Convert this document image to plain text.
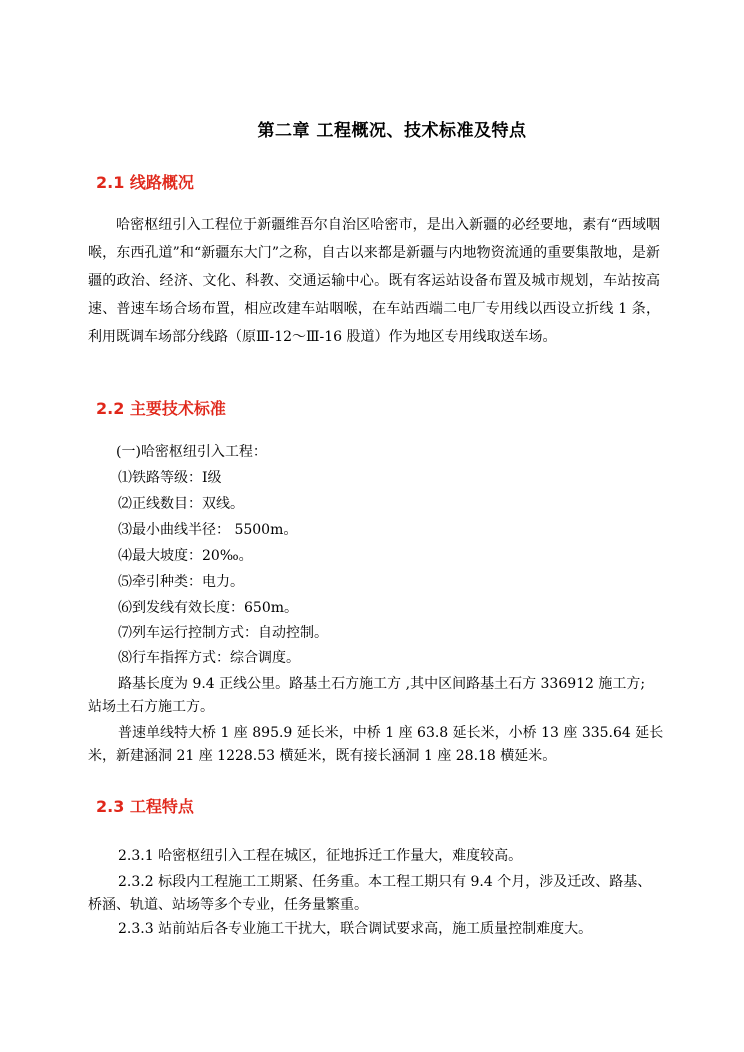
第二章 工程概况、技术标准及特点
2.1 线路概况

哈密枢纽引入工程位于新疆维吾尔自治区哈密市，是出入新疆的必经要地，素有“西域咽喉，东西孔道”和“新疆东大门”之称，自古以来都是新疆与内地物资流通的重要集散地，是新疆的政治、经济、文化、科教、交通运输中心。既有客运站设备布置及城市规划，车站按高速、普速车场合场布置，相应改建车站咽喉，在车站西端二电厂专用线以西设立折线 1 条，利用既调车场部分线路（原Ⅲ-12～Ⅲ-16 股道）作为地区专用线取送车场。

2.2 主要技术标准
(一)哈密枢纽引入工程：
⑴铁路等级：Ⅰ级
⑵正线数目：双线。
⑶最小曲线半径： 5500m。
⑷最大坡度：20‰。
⑸牵引种类：电力。
⑹到发线有效长度：650m。
⑺列车运行控制方式：自动控制。
⑻行车指挥方式：综合调度。
路基长度为 9.4 正线公里。路基土石方施工方 ,其中区间路基土石方 336912 施工方;
站场土石方施工方。
普速单线特大桥 1 座 895.9 延长米，中桥 1 座 63.8 延长米，小桥 13 座 335.64 延长
米，新建涵洞 21 座 1228.53 横延米，既有接长涵洞 1 座 28.18 横延米。
2.3 工程特点
2.3.1 哈密枢纽引入工程在城区，征地拆迁工作量大，难度较高。
2.3.2 标段内工程施工工期紧、任务重。本工程工期只有 9.4 个月，涉及迁改、路基、
桥涵、轨道、站场等多个专业，任务量繁重。
2.3.3 站前站后各专业施工干扰大，联合调试要求高，施工质量控制难度大。
